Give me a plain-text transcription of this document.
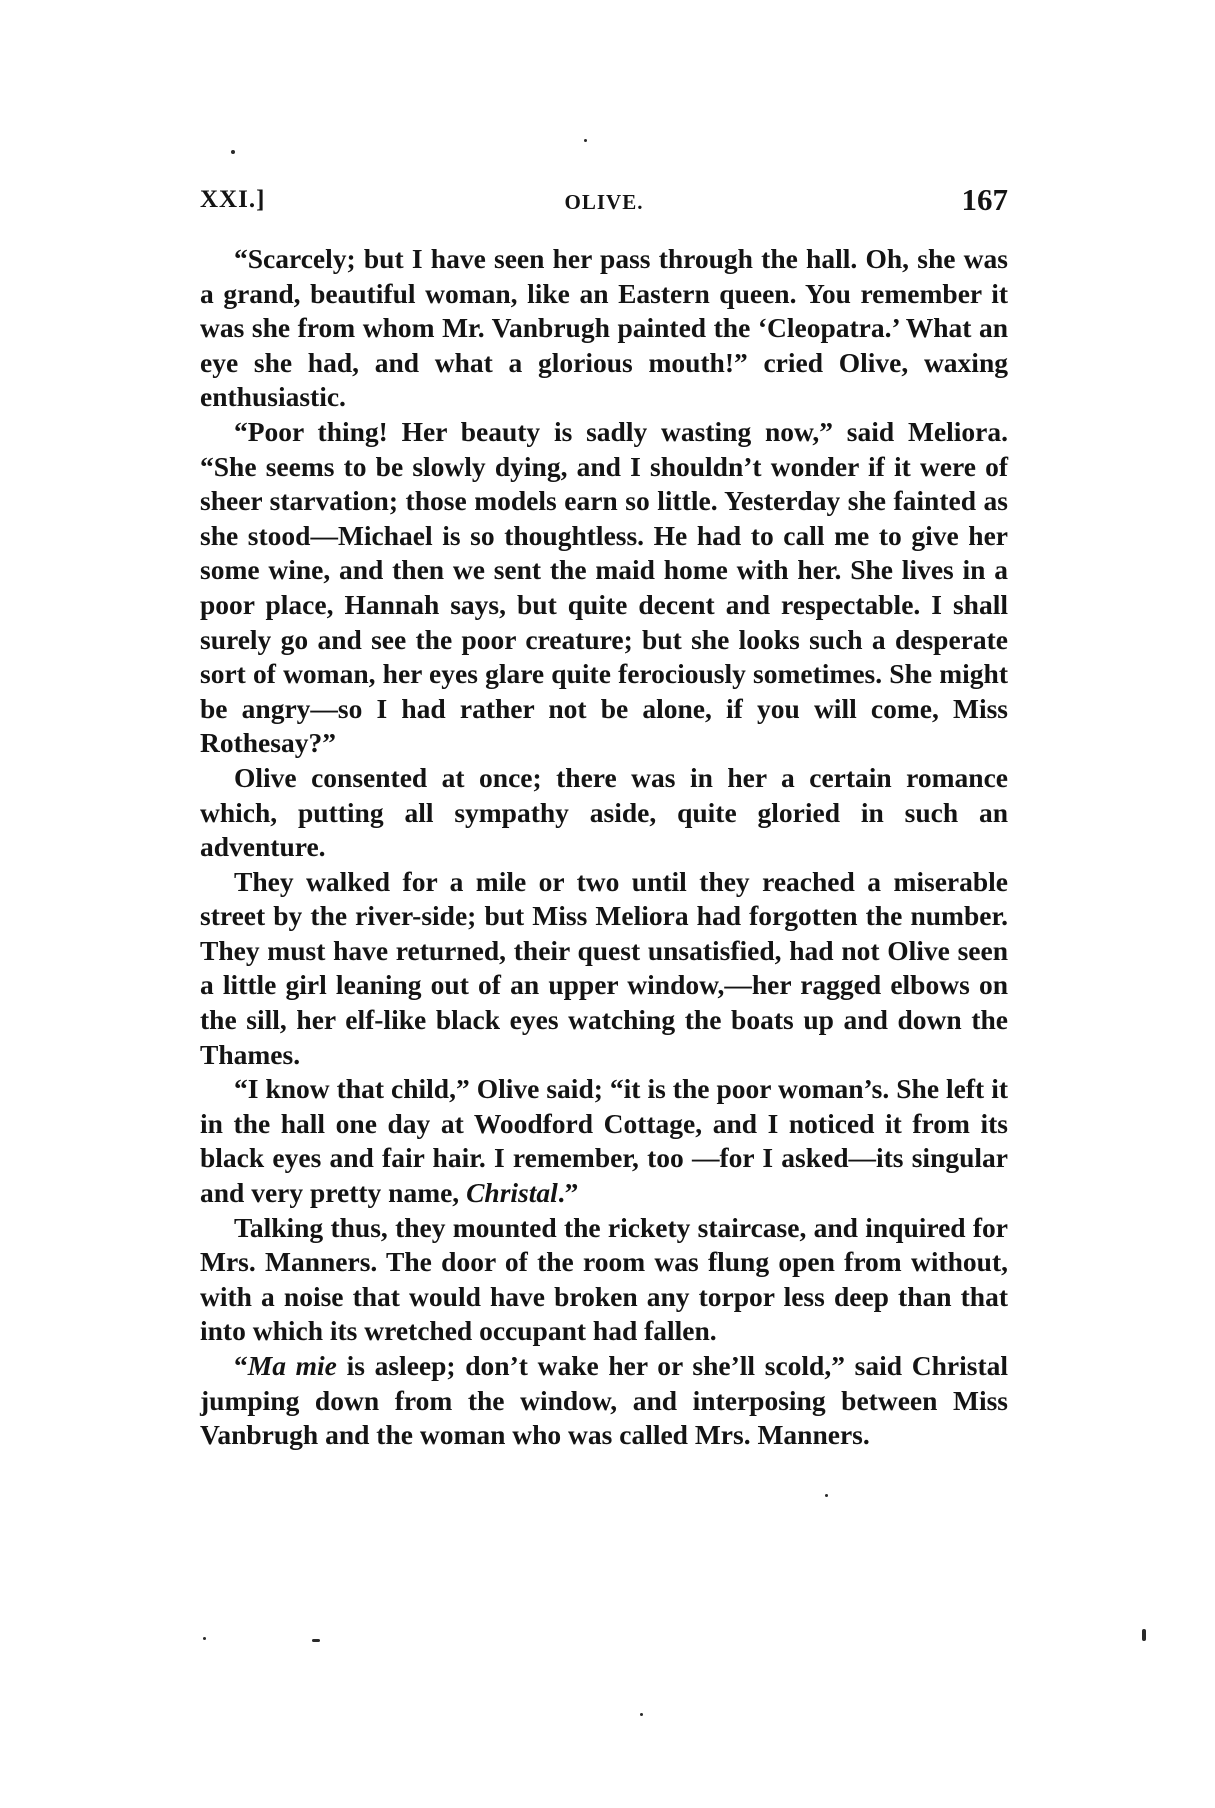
XXI.]	OLIVE.	167

“Scarcely; but I have seen her pass through the hall. Oh, she was a grand, beautiful woman, like an Eastern queen. You remember it was she from whom Mr. Vanbrugh painted the ‘Cleopatra.’ What an eye she had, and what a glorious mouth!” cried Olive, waxing enthusiastic.

“Poor thing! Her beauty is sadly wasting now,” said Meliora. “She seems to be slowly dying, and I shouldn’t wonder if it were of sheer starvation; those models earn so little. Yesterday she fainted as she stood—Michael is so thoughtless. He had to call me to give her some wine, and then we sent the maid home with her. She lives in a poor place, Hannah says, but quite decent and respectable. I shall surely go and see the poor creature; but she looks such a desperate sort of woman, her eyes glare quite ferociously sometimes. She might be angry—so I had rather not be alone, if you will come, Miss Rothesay?”

Olive consented at once; there was in her a certain romance which, putting all sympathy aside, quite gloried in such an adventure.

They walked for a mile or two until they reached a miserable street by the river-side; but Miss Meliora had forgotten the number. They must have returned, their quest unsatisfied, had not Olive seen a little girl leaning out of an upper window,—her ragged elbows on the sill, her elf-like black eyes watching the boats up and down the Thames.

“I know that child,” Olive said; “it is the poor woman’s. She left it in the hall one day at Woodford Cottage, and I noticed it from its black eyes and fair hair. I remember, too —for I asked—its singular and very pretty name, Christal.”

Talking thus, they mounted the rickety staircase, and inquired for Mrs. Manners. The door of the room was flung open from without, with a noise that would have broken any torpor less deep than that into which its wretched occupant had fallen.

“Ma mie is asleep; don’t wake her or she’ll scold,” said Christal jumping down from the window, and interposing between Miss Vanbrugh and the woman who was called Mrs. Manners.
